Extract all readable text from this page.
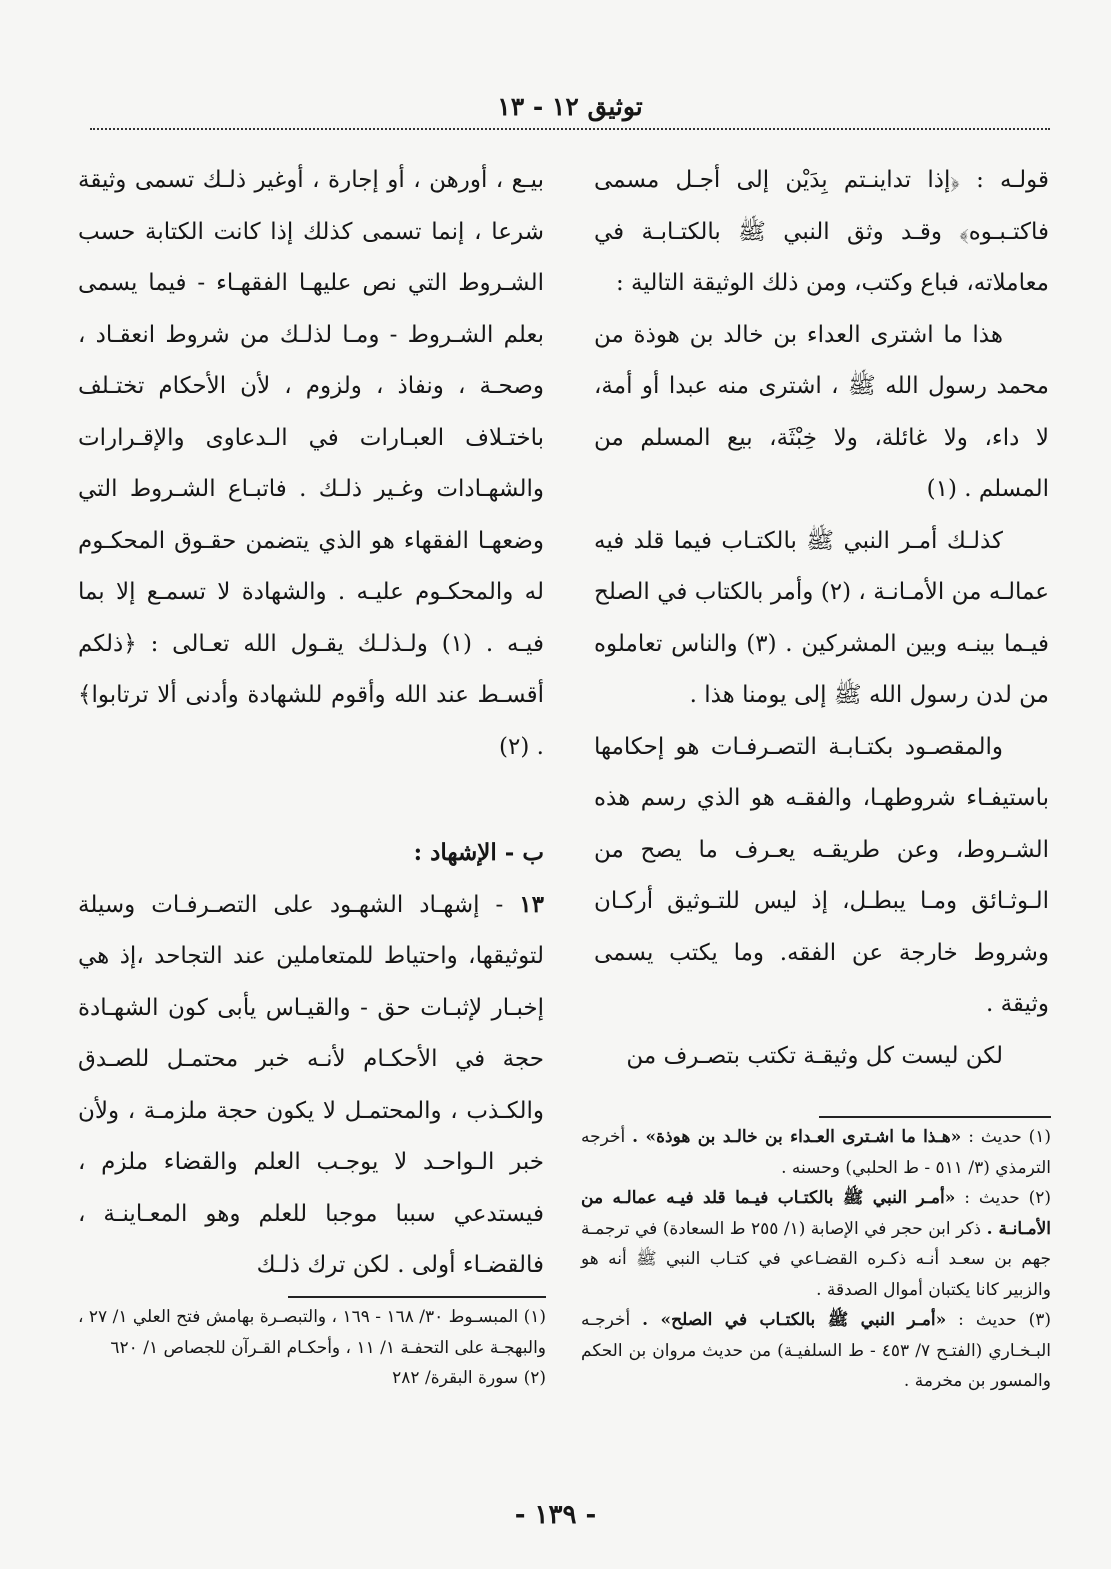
توثيق ١٢ - ١٣

قولـه : ﴿إذا تداينـتم بِدَيْن إلى أجـل مسمى فاكتـبـوه﴾ وقـد وثق النبي ﷺ بالكتـابـة في معاملاته، فباع وكتب، ومن ذلك الوثيقة التالية :

هذا ما اشترى العداء بن خالد بن هوذة من محمد رسول الله ﷺ ، اشترى منه عبدا أو أمة، لا داء، ولا غائلة، ولا خِبْثَة، بيع المسلم من المسلم . (١)

كذلـك أمـر النبي ﷺ بالكتـاب فيما قلد فيه عمالـه من الأمـانـة ، (٢) وأمر بالكتاب في الصلح فيـما بينـه وبين المشركين . (٣) والناس تعاملوه من لدن رسول الله ﷺ إلى يومنا هذا .

والمقصـود بكتـابـة التصـرفـات هو إحكامها باستيفـاء شروطهـا، والفقـه هو الذي رسم هذه الشـروط، وعن طريقـه يعـرف ما يصح من الـوثـائق ومـا يبطـل، إذ ليس للتـوثيق أركـان وشروط خارجة عن الفقه. وما يكتب يسمى وثيقة .

لكن ليست كل وثيقـة تكتب بتصـرف من

بيـع ، أورهن ، أو إجارة ، أوغير ذلـك تسمى وثيقة شرعا ، إنما تسمى كذلك إذا كانت الكتابة حسب الشـروط التي نص عليهـا الفقهـاء - فيما يسمى بعلم الشـروط - ومـا لذلـك من شروط انعقـاد ، وصحـة ، ونفاذ ، ولزوم ، لأن الأحكام تختـلف باختـلاف العبـارات في الـدعاوى والإقـرارات والشهـادات وغـير ذلـك . فاتبـاع الشـروط التي وضعهـا الفقهاء هو الذي يتضمن حقـوق المحكـوم له والمحكـوم عليـه . والشهادة لا تسمـع إلا بما فيـه . (١) ولـذلـك يقـول الله تعـالى : ﴿ذلكم أقسـط عند الله وأقوم للشهادة وأدنى ألا ترتابوا﴾ . (٢)

ب - الإشهاد :

١٣ - إشهـاد الشهـود على التصـرفـات وسيلة لتوثيقها، واحتياط للمتعاملين عند التجاحد ،إذ هي إخبـار لإثبـات حق - والقيـاس يأبى كون الشهـادة حجة في الأحكـام لأنـه خبر محتمـل للصـدق والكـذب ، والمحتمـل لا يكون حجة ملزمـة ، ولأن خبر الـواحـد لا يوجـب العلم والقضاء ملزم ، فيستدعي سببا موجبا للعلم وهو المعـاينـة ، فالقضـاء أولى . لكن ترك ذلـك

(١) حديث : «هـذا ما اشـترى العـداء بن خالـد بن هوذة» . أخرجه الترمذي (٣/ ٥١١ - ط الحلبي) وحسنه .

(٢) حديث : «أمـر النبي ﷺ بالكتـاب فيـما قلد فيـه عمالـه من الأمـانـة . ذكر ابن حجر في الإصابة (١/ ٢٥٥ ط السعادة) في ترجمـة جهم بن سعـد أنـه ذكـره القضـاعي في كتـاب النبي ﷺ أنه هو والزبير كانا يكتبان أموال الصدقة .

(٣) حديث : «أمـر النبي ﷺ بالكتـاب في الصلح» . أخرجـه البـخـاري (الفتـح ٧/ ٤٥٣ - ط السلفيـة) من حديث مروان بن الحكم والمسور بن مخرمة .

(١) المبسـوط ٣٠/ ١٦٨ - ١٦٩ ، والتبصـرة بهامش فتح العلي ١/ ٢٧ ، والبهجـة على التحفـة ١/ ١١ ، وأحكـام القـرآن للجصاص ١/ ٦٢٠

(٢) سورة البقرة/ ٢٨٢

- ١٣٩ -
